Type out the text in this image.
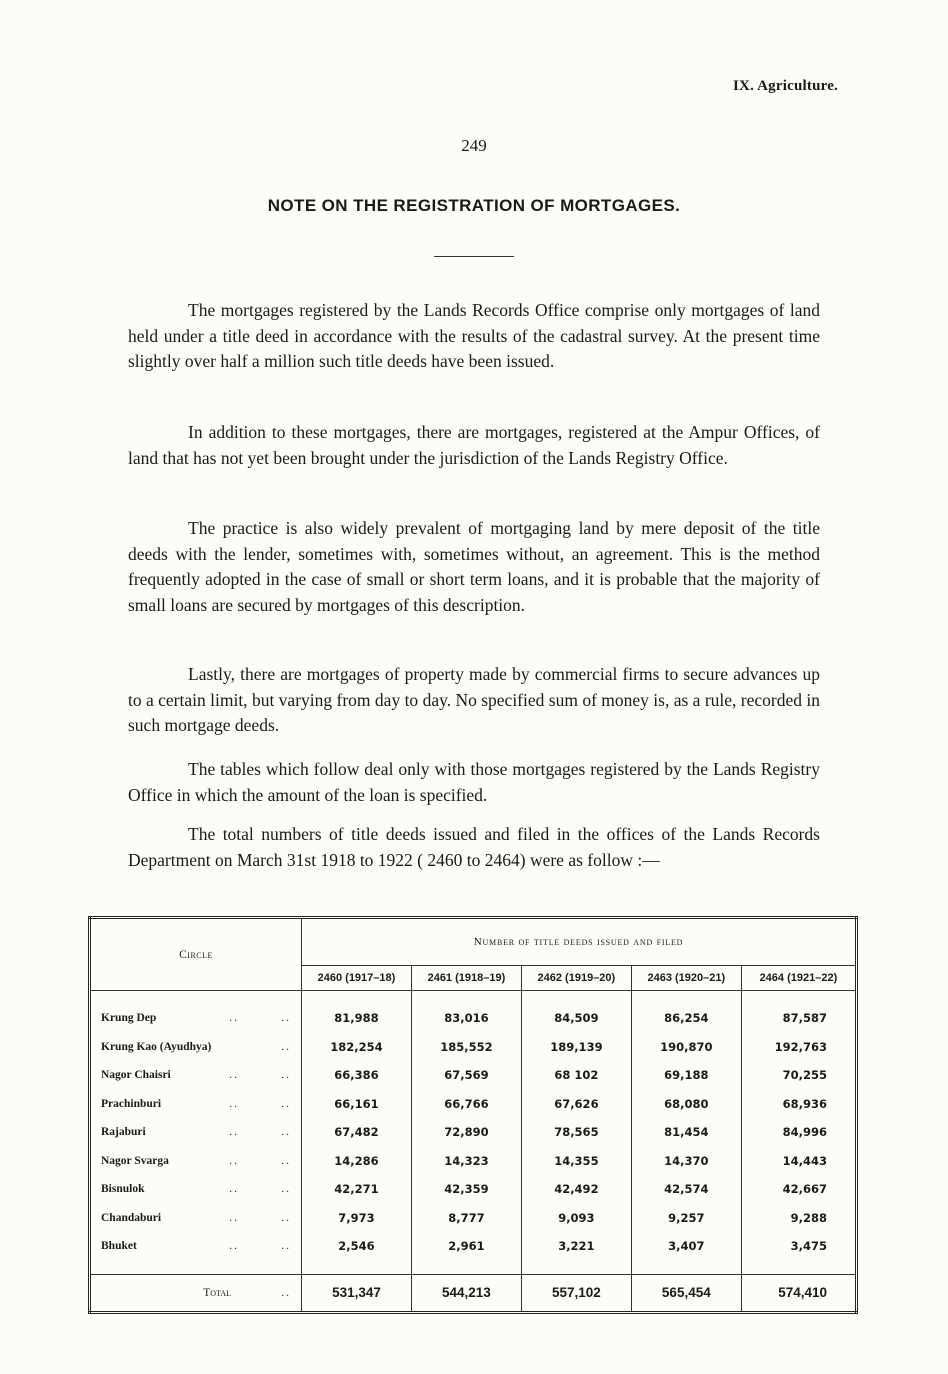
IX. Agriculture.
249
NOTE ON THE REGISTRATION OF MORTGAGES.

The mortgages registered by the Lands Records Office comprise only mortgages of land held under a title deed in accordance with the results of the cadastral survey. At the present time slightly over half a million such title deeds have been issued.

In addition to these mortgages, there are mortgages, registered at the Ampur Offices, of land that has not yet been brought under the jurisdiction of the Lands Registry Office.

The practice is also widely prevalent of mortgaging land by mere deposit of the title deeds with the lender, sometimes with, sometimes without, an agreement. This is the method frequently adopted in the case of small or short term loans, and it is probable that the majority of small loans are secured by mortgages of this description.

Lastly, there are mortgages of property made by commercial firms to secure advances up to a certain limit, but varying from day to day. No specified sum of money is, as a rule, recorded in such mortgage deeds.

The tables which follow deal only with those mortgages registered by the Lands Registry Office in which the amount of the loan is specified.

The total numbers of title deeds issued and filed in the offices of the Lands Records Department on March 31st 1918 to 1922 ( 2460 to 2464) were as follow :—

Circle	Number of title deeds issued and filed				
	2460 (1917–18)	2461 (1918–19)	2462 (1919–20)	2463 (1920–21)	2464 (1921–22)

Krung Dep .. ..	81,988	83,016	84,509	86,254	87,587
Krung Kao (Ayudhya) ..	182,254	185,552	189,139	190,870	192,763
Nagor Chaisri .. ..	66,386	67,569	68 102	69,188	70,255
Prachinburi .. ..	66,161	66,766	67,626	68,080	68,936
Rajaburi .. ..	67,482	72,890	78,565	81,454	84,996
Nagor Svarga .. ..	14,286	14,323	14,355	14,370	14,443
Bisnulok .. ..	42,271	42,359	42,492	42,574	42,667
Chandaburi .. ..	7,973	8,777	9,093	9,257	9,288
Bhuket .. ..	2,546	2,961	3,221	3,407	3,475

Total ..	531,347	544,213	557,102	565,454	574,410
